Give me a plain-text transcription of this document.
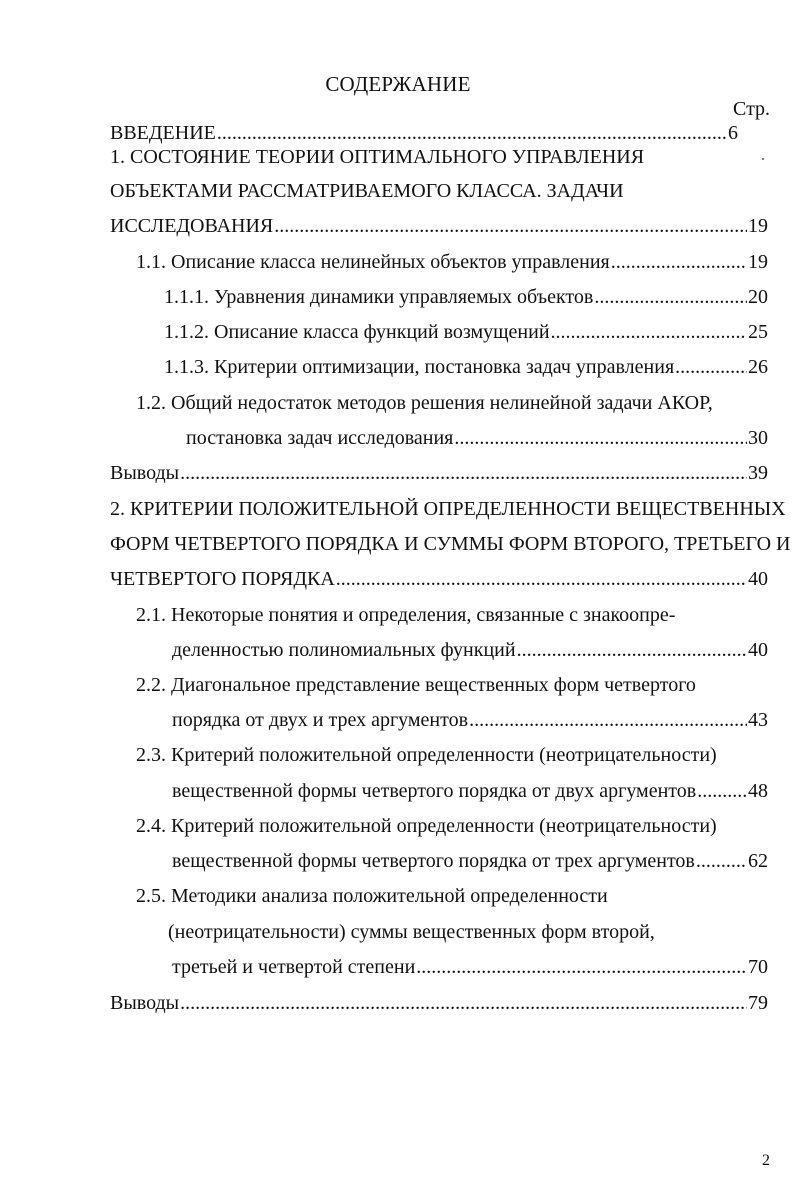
СОДЕРЖАНИЕ
Стр.
ВВЕДЕНИЕ .....	6
1. СОСТОЯНИЕ ТЕОРИИ ОПТИМАЛЬНОГО УПРАВЛЕНИЯ
ОБЪЕКТАМИ РАССМАТРИВАЕМОГО КЛАССА. ЗАДАЧИ
ИССЛЕДОВАНИЯ .....	19
1.1. Описание класса нелинейных объектов управления .....	19
1.1.1. Уравнения динамики управляемых объектов .....	20
1.1.2. Описание класса функций возмущений .....	25
1.1.3. Критерии оптимизации, постановка задач управления .....	26
1.2. Общий недостаток методов решения нелинейной задачи АКОР,
постановка задач исследования .....	30
Выводы .....	39
2. КРИТЕРИИ ПОЛОЖИТЕЛЬНОЙ ОПРЕДЕЛЕННОСТИ ВЕЩЕСТВЕННЫХ
ФОРМ ЧЕТВЕРТОГО ПОРЯДКА И СУММЫ ФОРМ ВТОРОГО, ТРЕТЬЕГО И
ЧЕТВЕРТОГО ПОРЯДКА .....	40
2.1. Некоторые понятия и определения, связанные с знакоопре-
деленностью полиномиальных функций .....	40
2.2. Диагональное представление вещественных форм четвертого
порядка от двух и трех аргументов .....	43
2.3. Критерий положительной определенности (неотрицательности)
вещественной формы четвертого порядка от двух аргументов .....	48
2.4. Критерий положительной определенности (неотрицательности)
вещественной формы четвертого порядка от трех аргументов .....	62
2.5. Методики анализа положительной определенности
(неотрицательности) суммы вещественных форм второй,
третьей и четвертой степени .....	70
Выводы .....	79
2
